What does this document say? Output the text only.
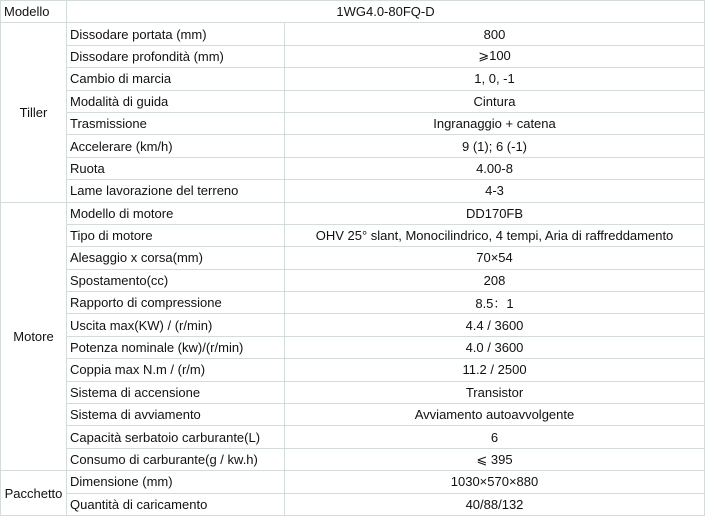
Modello	1WG4.0-80FQ-D	
Tiller	Dissodare portata (mm)	800
	Dissodare profondità (mm)	⩾100
	Cambio di marcia	1, 0, -1
	Modalità di guida	Cintura
	Trasmissione	Ingranaggio + catena
	Accelerare (km/h)	9 (1); 6 (-1)
	Ruota	4.00-8
	Lame lavorazione del terreno	4-3
Motore	Modello di motore	DD170FB
	Tipo di motore	OHV 25° slant, Monocilindrico, 4 tempi, Aria di raffreddamento
	Alesaggio x corsa(mm)	70×54
	Spostamento(cc)	208
	Rapporto di compressione	8.5：1
	Uscita max(KW) / (r/min)	4.4 / 3600
	Potenza nominale (kw)/(r/min)	4.0 / 3600
	Coppia max N.m / (r/m)	11.2 / 2500
	Sistema di accensione	Transistor
	Sistema di avviamento	Avviamento autoavvolgente
	Capacità serbatoio carburante(L)	6
	Consumo di carburante(g / kw.h)	⩽ 395
Pacchetto	Dimensione (mm)	1030×570×880
	Quantità di caricamento	40/88/132
